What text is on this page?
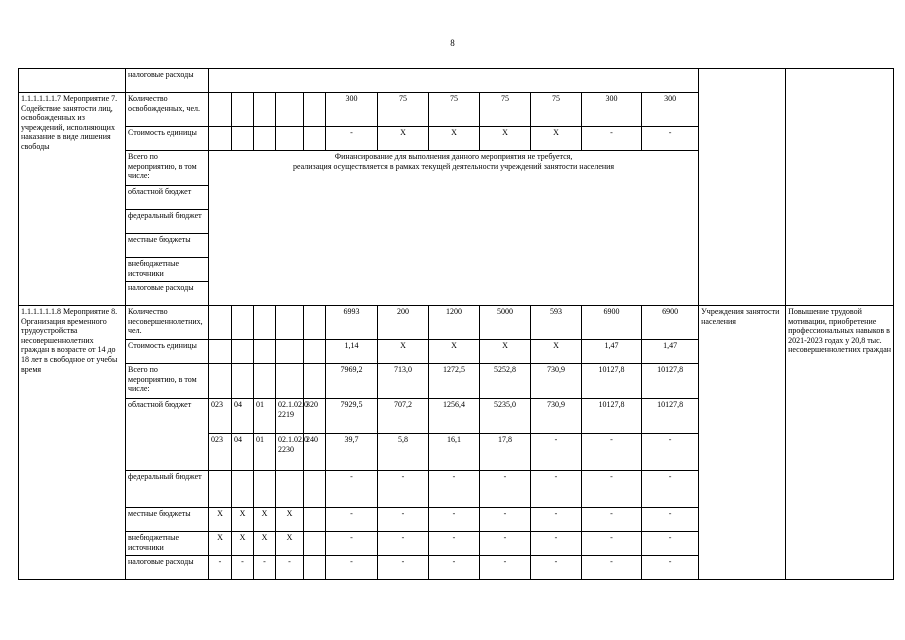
8
	налоговые расходы														
1.1.1.1.1.1.7 Мероприятие 7. Содействие занятости лиц, освобожденных из учреждений, исполняющих наказание в виде лишения свободы	Количество освобожденных, чел.						300	75	75	75	75	300	300		
	Стоимость единицы						-	Х	Х	Х	Х	-	-		
	Всего по мероприятию, в том числе:	Финансирование для выполнения данного мероприятия не требуется,
реализация осуществляется в рамках текущей деятельности учреждений занятости населения													

	областной бюджет														
	федеральный бюджет														
	местные бюджеты														
	внебюджетные источники														
	налоговые расходы														
1.1.1.1.1.1.8 Мероприятие 8. Организация временного трудоустройства несовершеннолетних граждан в возрасте от 14 до 18 лет в свободное от учебы время	Количество несовершеннолетних, чел.						6993	200	1200	5000	593	6900	6900	Учреждения занятости населения	Повышение трудовой мотивации, приобретение профессиональных навыков в 2021-2023 годах у 20,8 тыс. несовершеннолетних граждан
	Стоимость единицы						1,14	Х	Х	Х	Х	1,47	1,47		
	Всего по мероприятию, в том числе:						7969,2	713,0	1272,5	5252,8	730,9	10127,8	10127,8		
	областной бюджет	023	04	01	02.1.02.0 2219	320	7929,5	707,2	1256,4	5235,0	730,9	10127,8	10127,8		
		023	04	01	02.1.02.0 2230	240	39,7	5,8	16,1	17,8	-	-	-		
	федеральный бюджет						-	-	-	-	-	-	-		
	местные бюджеты	Х	Х	Х	Х		-	-	-	-	-	-	-		
	внебюджетные источники	Х	Х	Х	Х		-	-	-	-	-	-	-		
	налоговые расходы	-	-	-	-		-	-	-	-	-	-	-		
